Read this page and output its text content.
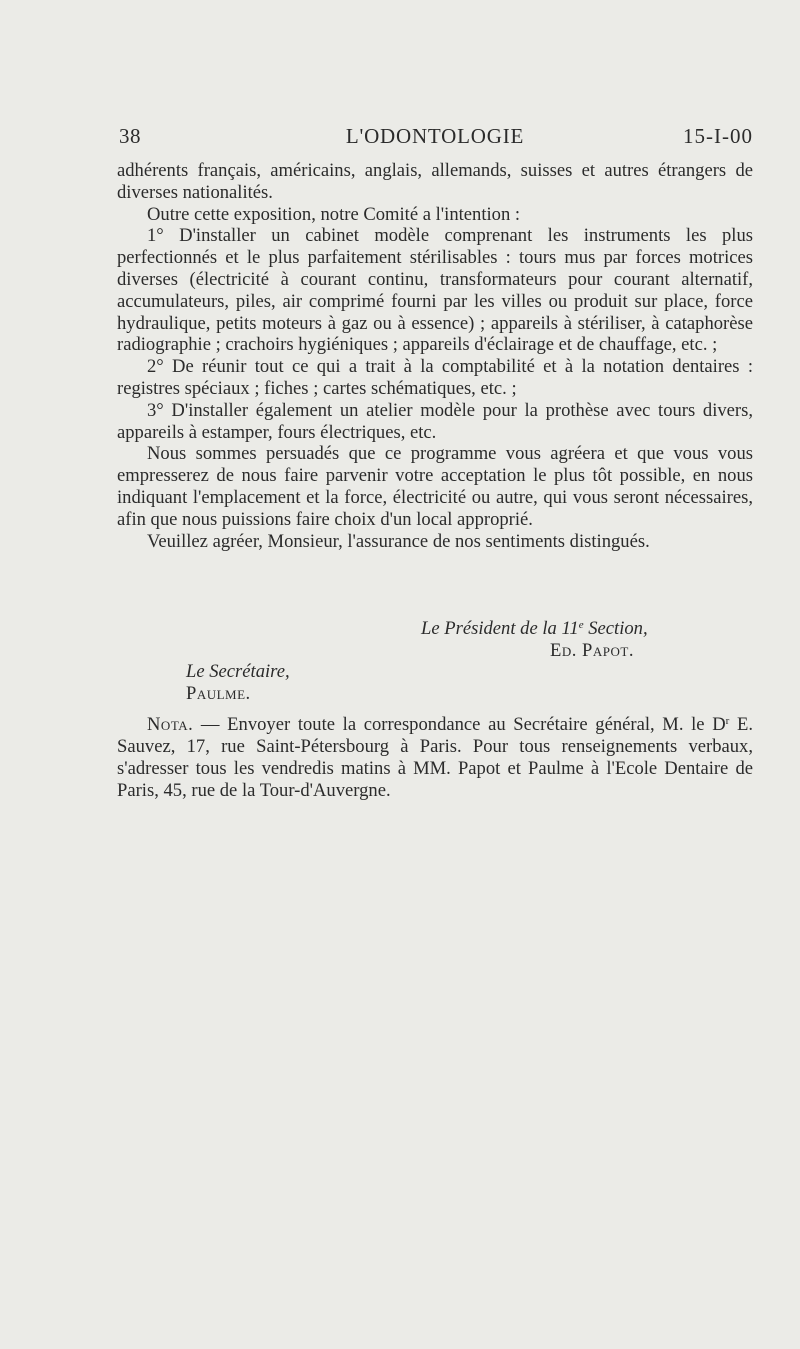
38	L'ODONTOLOGIE	15-I-00

adhérents français, américains, anglais, allemands, suisses et autres étrangers de diverses nationalités.

Outre cette exposition, notre Comité a l'intention :

1° D'installer un cabinet modèle comprenant les instruments les plus perfectionnés et le plus parfaitement stérilisables : tours mus par forces motrices diverses (électricité à courant continu, transformateurs pour courant alternatif, accumulateurs, piles, air comprimé fourni par les villes ou produit sur place, force hydraulique, petits moteurs à gaz ou à essence) ; appareils à stériliser, à cataphorèse radiographie ; crachoirs hygiéniques ; appareils d'éclairage et de chauffage, etc. ;

2° De réunir tout ce qui a trait à la comptabilité et à la notation dentaires : registres spéciaux ; fiches ; cartes schématiques, etc. ;

3° D'installer également un atelier modèle pour la prothèse avec tours divers, appareils à estamper, fours électriques, etc.

Nous sommes persuadés que ce programme vous agréera et que vous vous empresserez de nous faire parvenir votre acceptation le plus tôt possible, en nous indiquant l'emplacement et la force, électricité ou autre, qui vous seront nécessaires, afin que nous puissions faire choix d'un local approprié.

Veuillez agréer, Monsieur, l'assurance de nos sentiments distingués.

Le Président de la 11e Section,
Ed. Papot.
Le Secrétaire,
Paulme.
Nota. — Envoyer toute la correspondance au Secrétaire général, M. le $D^r$ E. Sauvez, 17, rue Saint-Pétersbourg à Paris. Pour tous renseignements verbaux, s'adresser tous les vendredis matins à MM. Papot et Paulme à l'Ecole Dentaire de Paris, 45, rue de la Tour-d'Auvergne.
